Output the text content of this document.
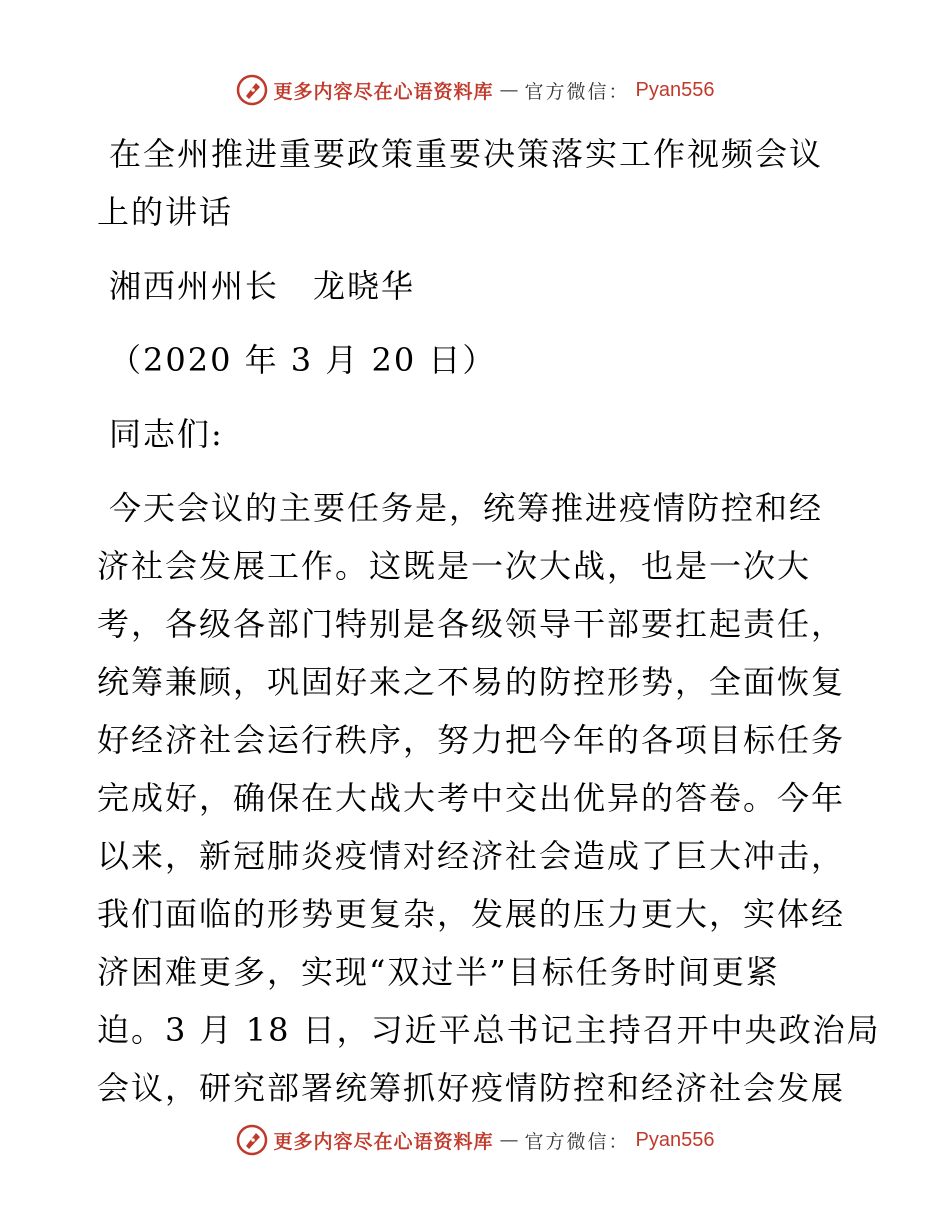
更多内容尽在心语资料库 — 官方微信： Pyan556
在全州推进重要政策重要决策落实工作视频会议
上的讲话
湘西州州长　龙晓华
（2020 年 3 月 20 日）
同志们:
今天会议的主要任务是，统筹推进疫情防控和经
济社会发展工作。这既是一次大战，也是一次大
考，各级各部门特别是各级领导干部要扛起责任，
统筹兼顾，巩固好来之不易的防控形势，全面恢复
好经济社会运行秩序，努力把今年的各项目标任务
完成好，确保在大战大考中交出优异的答卷。今年
以来，新冠肺炎疫情对经济社会造成了巨大冲击，
我们面临的形势更复杂，发展的压力更大，实体经
济困难更多，实现“双过半”目标任务时间更紧
迫。3 月 18 日，习近平总书记主持召开中央政治局
会议，研究部署统筹抓好疫情防控和经济社会发展
更多内容尽在心语资料库 — 官方微信： Pyan556
